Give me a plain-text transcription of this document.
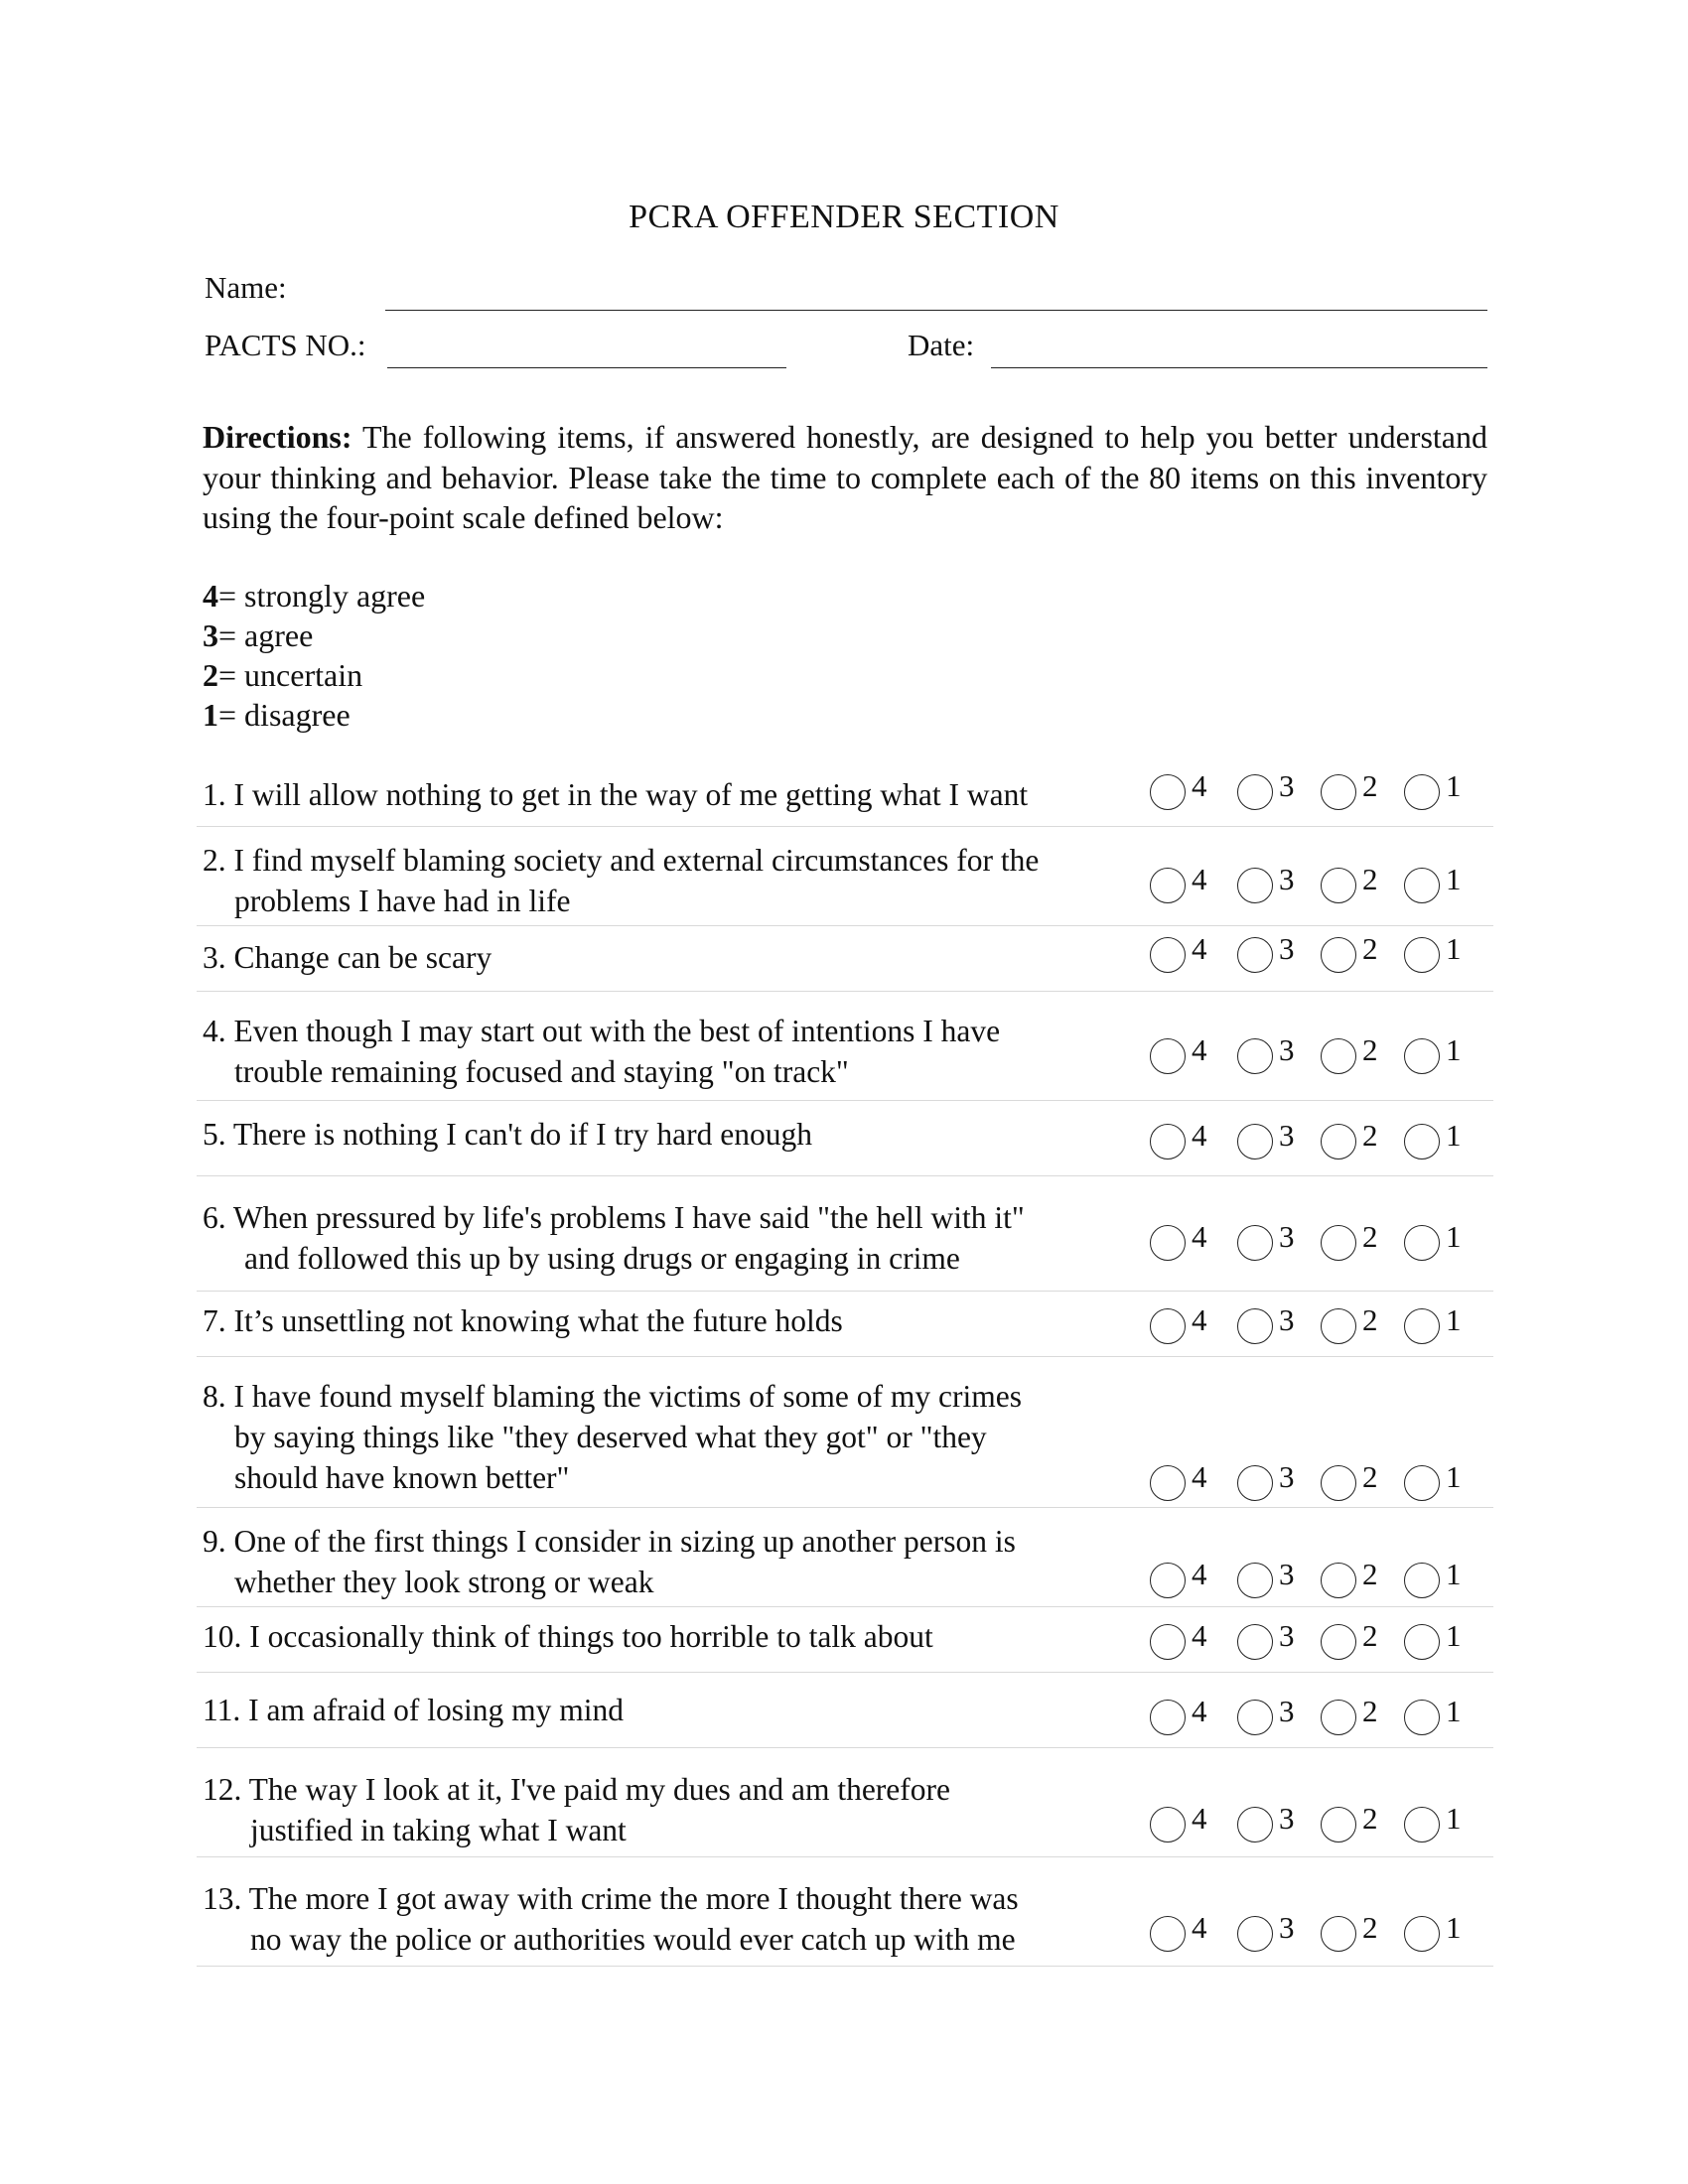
PCRA OFFENDER SECTION
Name:
PACTS NO.:	Date:
Directions: The following items, if answered honestly, are designed to help you better understand your thinking and behavior. Please take the time to complete each of the 80 items on this inventory using the four-point scale defined below:
4= strongly agree
3= agree
2= uncertain
1= disagree
1. I will allow nothing to get in the way of me getting what I want	4 3 2 1
2. I find myself blaming society and external circumstances for the
problems I have had in life
4 3 2 1
3. Change can be scary	4 3 2 1
4. Even though I may start out with the best of intentions I have
trouble remaining focused and staying "on track"
4 3 2 1
5. There is nothing I can't do if I try hard enough	4 3 2 1
6. When pressured by life's problems I have said "the hell with it"
and followed this up by using drugs or engaging in crime
4 3 2 1
7. It’s unsettling not knowing what the future holds	4 3 2 1
8. I have found myself blaming the victims of some of my crimes
by saying things like "they deserved what they got" or "they
should have known better"	4 3 2 1
9. One of the first things I consider in sizing up another person is
whether they look strong or weak	4 3 2 1
10. I occasionally think of things too horrible to talk about	4 3 2 1
11. I am afraid of losing my mind	4 3 2 1
12. The way I look at it, I've paid my dues and am therefore
justified in taking what I want	4 3 2 1
13. The more I got away with crime the more I thought there was
no way the police or authorities would ever catch up with me	4 3 2 1
